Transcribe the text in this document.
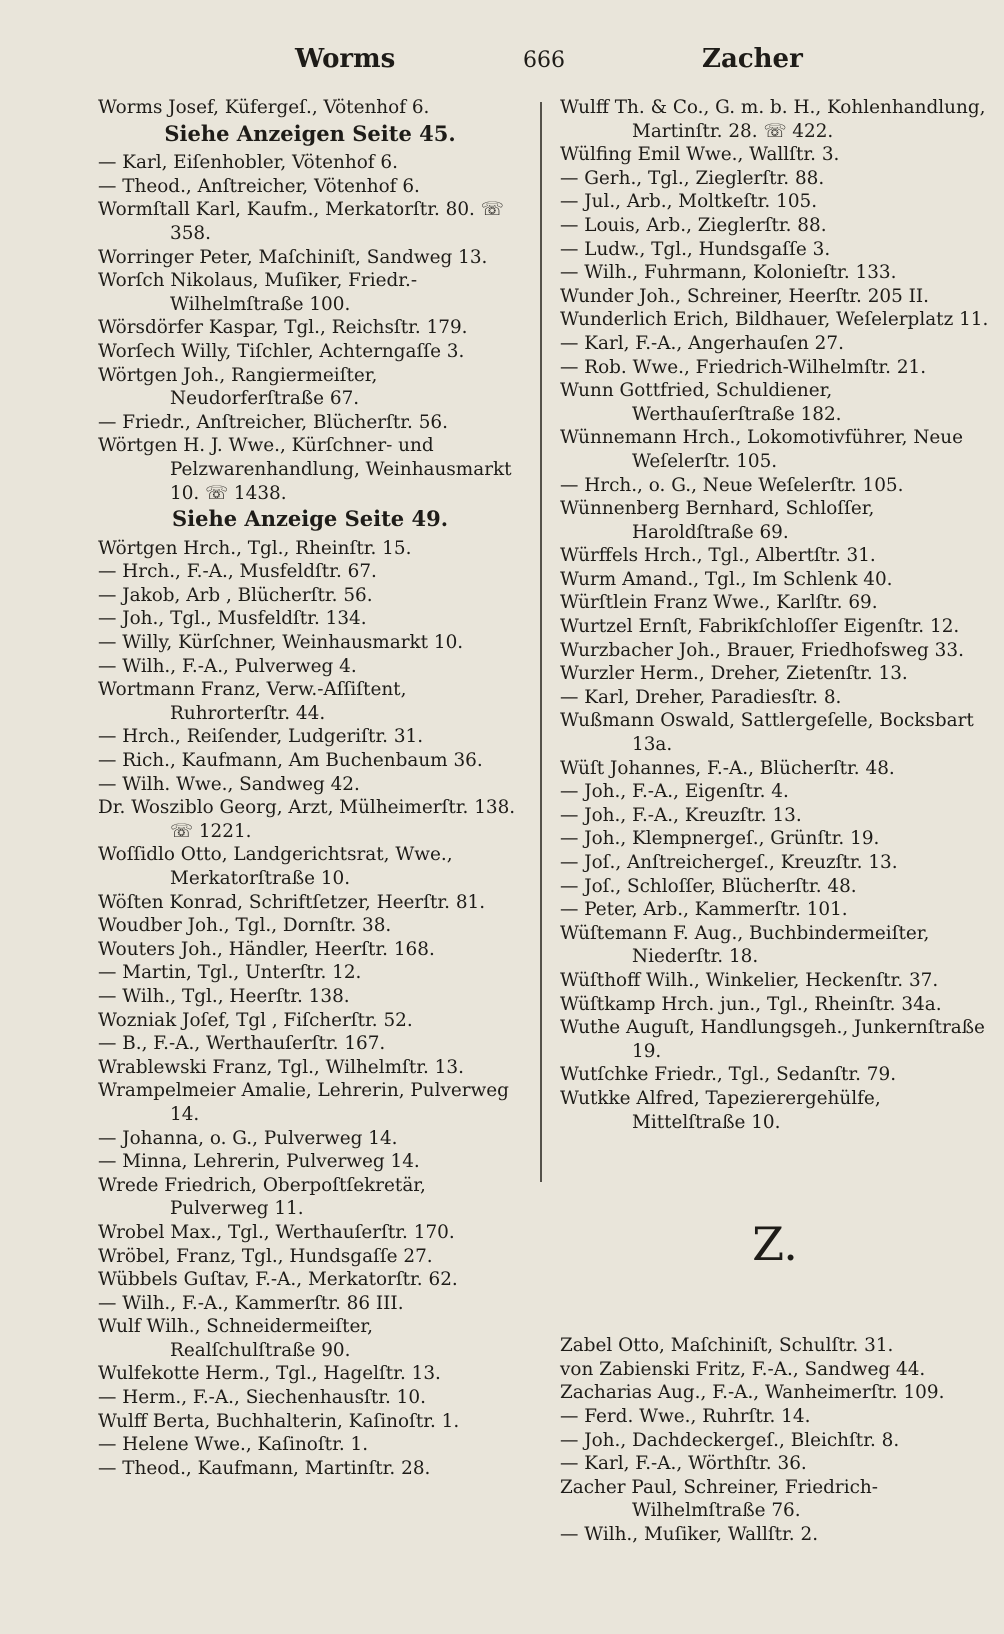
Worms	666	Zacher
Worms Josef, Küfergeſ., Vötenhof 6.
Siehe Anzeigen Seite 45.
— Karl, Eiſenhobler, Vötenhof 6.
— Theod., Anſtreicher, Vötenhof 6.
Wormſtall Karl, Kaufm., Merkatorſtr. 80. ☏ 358.
Worringer Peter, Maſchiniſt, Sandweg 13.
Worſch Nikolaus, Muſiker, Friedr.-Wilhelmſtraße 100.
Wörsdörfer Kaspar, Tgl., Reichsſtr. 179.
Worſech Willy, Tiſchler, Achterngaſſe 3.
Wörtgen Joh., Rangiermeiſter, Neudorferſtraße 67.
— Friedr., Anſtreicher, Blücherſtr. 56.
Wörtgen H. J. Wwe., Kürſchner- und Pelzwarenhandlung, Weinhausmarkt 10. ☏ 1438.
Siehe Anzeige Seite 49.
Wörtgen Hrch., Tgl., Rheinſtr. 15.
— Hrch., F.-A., Musfeldſtr. 67.
— Jakob, Arb , Blücherſtr. 56.
— Joh., Tgl., Musfeldſtr. 134.
— Willy, Kürſchner, Weinhausmarkt 10.
— Wilh., F.-A., Pulverweg 4.
Wortmann Franz, Verw.-Aſſiſtent, Ruhrorterſtr. 44.
— Hrch., Reiſender, Ludgeriſtr. 31.
— Rich., Kaufmann, Am Buchenbaum 36.
— Wilh. Wwe., Sandweg 42.
Dr. Wosziblo Georg, Arzt, Mülheimerſtr. 138. ☏ 1221.
Woſſidlo Otto, Landgerichtsrat, Wwe., Merkatorſtraße 10.
Wöſten Konrad, Schriftſetzer, Heerſtr. 81.
Woudber Joh., Tgl., Dornſtr. 38.
Wouters Joh., Händler, Heerſtr. 168.
— Martin, Tgl., Unterſtr. 12.
— Wilh., Tgl., Heerſtr. 138.
Wozniak Joſef, Tgl , Fiſcherſtr. 52.
— B., F.-A., Werthauſerſtr. 167.
Wrablewski Franz, Tgl., Wilhelmſtr. 13.
Wrampelmeier Amalie, Lehrerin, Pulverweg 14.
— Johanna, o. G., Pulverweg 14.
— Minna, Lehrerin, Pulverweg 14.
Wrede Friedrich, Oberpoſtſekretär, Pulverweg 11.
Wrobel Max., Tgl., Werthauſerſtr. 170.
Wröbel, Franz, Tgl., Hundsgaſſe 27.
Wübbels Guſtav, F.-A., Merkatorſtr. 62.
— Wilh., F.-A., Kammerſtr. 86 III.
Wulf Wilh., Schneidermeiſter, Realſchulſtraße 90.
Wulfekotte Herm., Tgl., Hagelſtr. 13.
— Herm., F.-A., Siechenhausſtr. 10.
Wulff Berta, Buchhalterin, Kaſinoſtr. 1.
— Helene Wwe., Kaſinoſtr. 1.
— Theod., Kaufmann, Martinſtr. 28.
Wulff Th. & Co., G. m. b. H., Kohlenhandlung, Martinſtr. 28. ☏ 422.
Wülfing Emil Wwe., Wallſtr. 3.
— Gerh., Tgl., Zieglerſtr. 88.
— Jul., Arb., Moltkeſtr. 105.
— Louis, Arb., Zieglerſtr. 88.
— Ludw., Tgl., Hundsgaſſe 3.
— Wilh., Fuhrmann, Kolonieſtr. 133.
Wunder Joh., Schreiner, Heerſtr. 205 II.
Wunderlich Erich, Bildhauer, Weſelerplatz 11.
— Karl, F.-A., Angerhauſen 27.
— Rob. Wwe., Friedrich-Wilhelmſtr. 21.
Wunn Gottfried, Schuldiener, Werthauſerſtraße 182.
Wünnemann Hrch., Lokomotivführer, Neue Weſelerſtr. 105.
— Hrch., o. G., Neue Weſelerſtr. 105.
Wünnenberg Bernhard, Schloſſer, Haroldſtraße 69.
Würffels Hrch., Tgl., Albertſtr. 31.
Wurm Amand., Tgl., Im Schlenk 40.
Würſtlein Franz Wwe., Karlſtr. 69.
Wurtzel Ernſt, Fabrikſchloſſer Eigenſtr. 12.
Wurzbacher Joh., Brauer, Friedhofsweg 33.
Wurzler Herm., Dreher, Zietenſtr. 13.
— Karl, Dreher, Paradiesſtr. 8.
Wußmann Oswald, Sattlergeſelle, Bocksbart 13a.
Wüſt Johannes, F.-A., Blücherſtr. 48.
— Joh., F.-A., Eigenſtr. 4.
— Joh., F.-A., Kreuzſtr. 13.
— Joh., Klempnergeſ., Grünſtr. 19.
— Joſ., Anſtreichergeſ., Kreuzſtr. 13.
— Joſ., Schloſſer, Blücherſtr. 48.
— Peter, Arb., Kammerſtr. 101.
Wüſtemann F. Aug., Buchbindermeiſter, Niederſtr. 18.
Wüſthoff Wilh., Winkelier, Heckenſtr. 37.
Wüſtkamp Hrch. jun., Tgl., Rheinſtr. 34a.
Wuthe Auguſt, Handlungsgeh., Junkernſtraße 19.
Wutſchke Friedr., Tgl., Sedanſtr. 79.
Wutkke Alfred, Tapezierergehülfe, Mittelſtraße 10.
Z.
Zabel Otto, Maſchiniſt, Schulſtr. 31.
von Zabienski Fritz, F.-A., Sandweg 44.
Zacharias Aug., F.-A., Wanheimerſtr. 109.
— Ferd. Wwe., Ruhrſtr. 14.
— Joh., Dachdeckergeſ., Bleichſtr. 8.
— Karl, F.-A., Wörthſtr. 36.
Zacher Paul, Schreiner, Friedrich-Wilhelmſtraße 76.
— Wilh., Muſiker, Wallſtr. 2.
